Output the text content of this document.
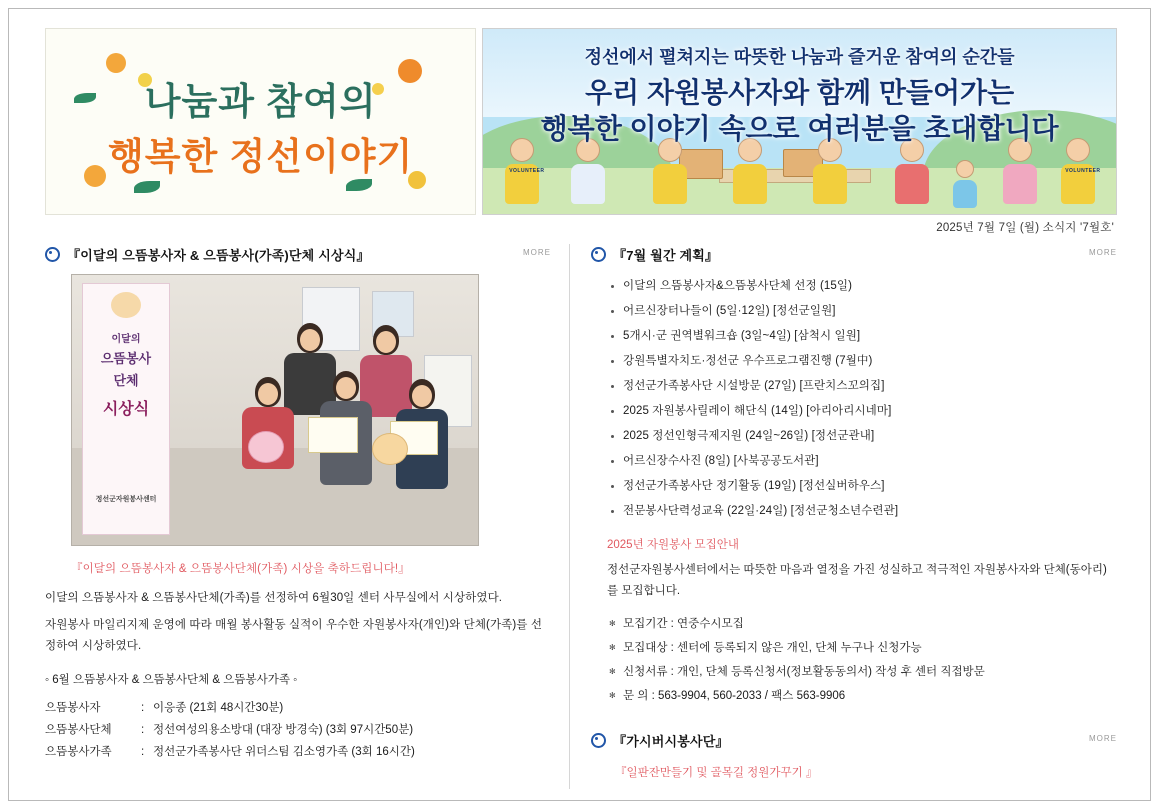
나눔과 참여의
행복한 정선이야기	VOLUNTEER	VOLUNTEER
정선에서 펼쳐지는 따뜻한 나눔과 즐거운 참여의 순간들
우리 자원봉사자와 함께 만들어가는
행복한 이야기 속으로 여러분을 초대합니다
2025년 7월 7일 (월) 소식지 '7월호'
『이달의 으뜸봉사자 & 으뜸봉사(가족)단체 시상식』	MORE
이달의
으뜸봉사
단체
시상식
정선군자원봉사센터
『이달의 으뜸봉사자 & 으뜸봉사단체(가족) 시상을 축하드립니다!』
이달의 으뜸봉사자 & 으뜸봉사단체(가족)를 선정하여 6월30일 센터 사무실에서 시상하였다.
자원봉사 마일리지제 운영에 따라 매월 봉사활동 실적이 우수한 자원봉사자(개인)와 단체(가족)를 선정하여 시상하였다.
◦ 6월 으뜸봉사자 & 으뜸봉사단체 & 으뜸봉사가족 ◦
으뜸봉사자	: 이응종 (21회 48시간30분)
으뜸봉사단체	: 정선여성의용소방대 (대장 방경숙) (3회 97시간50분)
으뜸봉사가족	: 정선군가족봉사단 위더스팀 김소영가족 (3회 16시간)
『7월 월간 계획』	MORE
이달의 으뜸봉사자&으뜸봉사단체 선정 (15일)
어르신장터나들이 (5일·12일) [정선군일원]
5개시·군 권역별워크숍 (3일~4일) [삼척시 일원]
강원특별자치도·정선군 우수프로그램진행 (7월中)
정선군가족봉사단 시설방문 (27일) [프란치스꼬의집]
2025 자원봉사릴레이 해단식 (14일) [아리아리시네마]
2025 정선인형극제지원 (24일~26일) [정선군관내]
어르신장수사진 (8일) [사북공공도서관]
정선군가족봉사단 정기활동 (19일) [정선실버하우스]
전문봉사단력성교육 (22일·24일) [정선군청소년수련관]
2025년 자원봉사 모집안내
정선군자원봉사센터에서는 따뜻한 마음과 열정을 가진 성실하고 적극적인 자원봉사자와 단체(동아리)를 모집합니다.
✻ 모집기간 : 연중수시모집
✻ 모집대상 : 센터에 등록되지 않은 개인, 단체 누구나 신청가능
✻ 신청서류 : 개인, 단체 등록신청서(정보활동동의서) 작성 후 센터 직접방문
✻ 문 의 : 563-9904, 560-2033 / 팩스 563-9906
『가시버시봉사단』	MORE
『일판잔만들기 및 골목길 정원가꾸기 』
